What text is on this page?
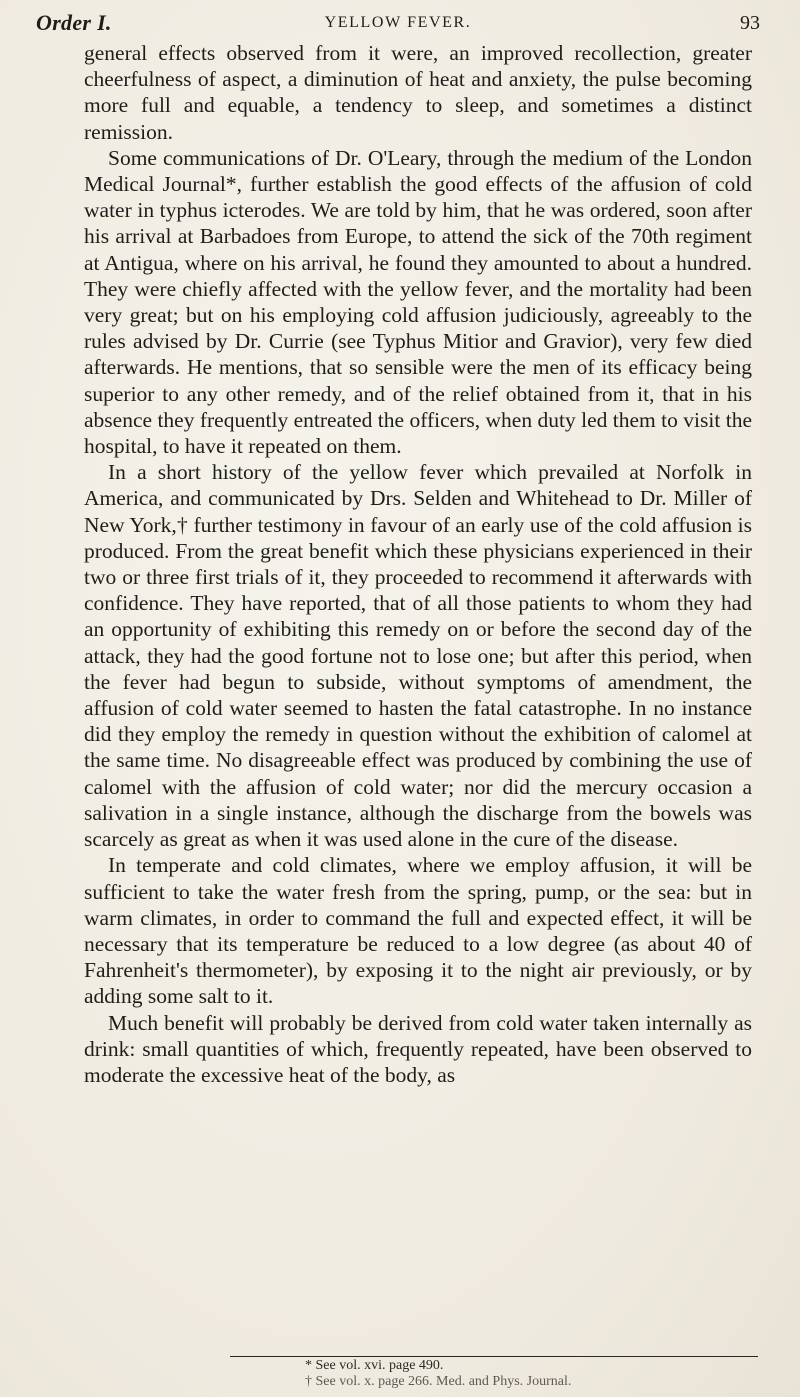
Order I.	YELLOW FEVER.	93

general effects observed from it were, an improved recollection, greater cheerfulness of aspect, a diminution of heat and anxiety, the pulse becoming more full and equable, a tendency to sleep, and sometimes a distinct remission.

Some communications of Dr. O'Leary, through the medium of the London Medical Journal*, further establish the good effects of the affusion of cold water in typhus icterodes. We are told by him, that he was ordered, soon after his arrival at Barbadoes from Europe, to attend the sick of the 70th regiment at Antigua, where on his arrival, he found they amounted to about a hundred. They were chiefly affected with the yellow fever, and the mortality had been very great; but on his employing cold affusion judiciously, agreeably to the rules advised by Dr. Currie (see Typhus Mitior and Gravior), very few died afterwards. He mentions, that so sensible were the men of its efficacy being superior to any other remedy, and of the relief obtained from it, that in his absence they frequently entreated the officers, when duty led them to visit the hospital, to have it repeated on them.

In a short history of the yellow fever which prevailed at Norfolk in America, and communicated by Drs. Selden and Whitehead to Dr. Miller of New York,† further testimony in favour of an early use of the cold affusion is produced. From the great benefit which these physicians experienced in their two or three first trials of it, they proceeded to recommend it afterwards with confidence. They have reported, that of all those patients to whom they had an opportunity of exhibiting this remedy on or before the second day of the attack, they had the good fortune not to lose one; but after this period, when the fever had begun to subside, without symptoms of amendment, the affusion of cold water seemed to hasten the fatal catastrophe. In no instance did they employ the remedy in question without the exhibition of calomel at the same time. No disagreeable effect was produced by combining the use of calomel with the affusion of cold water; nor did the mercury occasion a salivation in a single instance, although the discharge from the bowels was scarcely as great as when it was used alone in the cure of the disease.

In temperate and cold climates, where we employ affusion, it will be sufficient to take the water fresh from the spring, pump, or the sea: but in warm climates, in order to command the full and expected effect, it will be necessary that its temperature be reduced to a low degree (as about 40 of Fahrenheit's thermometer), by exposing it to the night air previously, or by adding some salt to it.

Much benefit will probably be derived from cold water taken internally as drink: small quantities of which, frequently repeated, have been observed to moderate the excessive heat of the body, as

* See vol. xvi. page 490.
† See vol. x. page 266. Med. and Phys. Journal.
